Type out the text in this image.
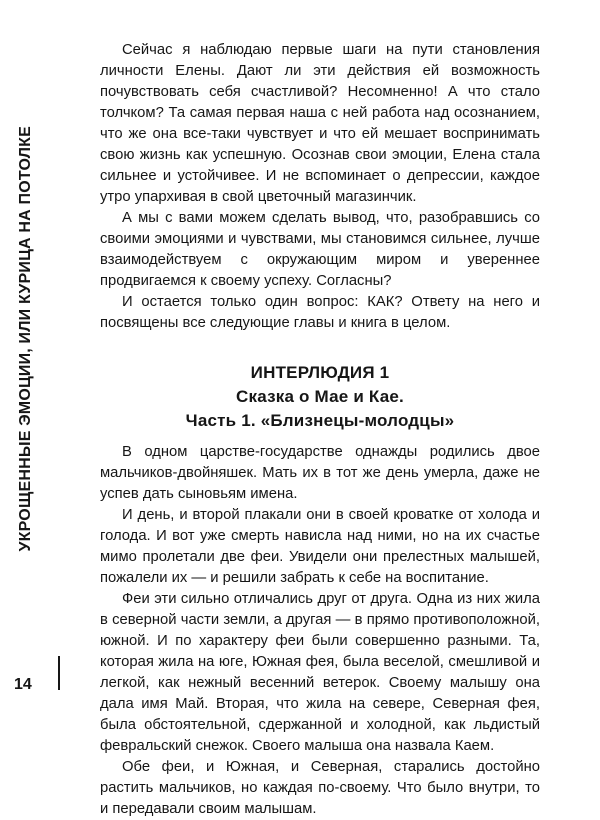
УКРОЩЕННЫЕ ЭМОЦИИ, ИЛИ КУРИЦА НА ПОТОЛКЕ
14

Сейчас я наблюдаю первые шаги на пути становления личности Елены. Дают ли эти действия ей возможность почувствовать себя счастливой? Несомненно! А что стало толчком? Та самая первая наша с ней работа над осознанием, что же она все-таки чувствует и что ей мешает воспринимать свою жизнь как успешную. Осознав свои эмоции, Елена стала сильнее и устойчивее. И не вспоминает о депрессии, каждое утро упархивая в свой цветочный магазинчик.

А мы с вами можем сделать вывод, что, разобравшись со своими эмоциями и чувствами, мы становимся сильнее, лучше взаимодействуем с окружающим миром и увереннее продвигаемся к своему успеху. Согласны?

И остается только один вопрос: КАК? Ответу на него и посвящены все следующие главы и книга в целом.

ИНТЕРЛЮДИЯ 1
Сказка о Мае и Кае.
Часть 1. «Близнецы-молодцы»

В одном царстве-государстве однажды родились двое мальчиков-двойняшек. Мать их в тот же день умерла, даже не успев дать сыновьям имена.

И день, и второй плакали они в своей кроватке от холода и голода. И вот уже смерть нависла над ними, но на их счастье мимо пролетали две феи. Увидели они прелестных малышей, пожалели их — и решили забрать к себе на воспитание.

Феи эти сильно отличались друг от друга. Одна из них жила в северной части земли, а другая — в прямо противоположной, южной. И по характеру феи были совершенно разными. Та, которая жила на юге, Южная фея, была веселой, смешливой и легкой, как нежный весенний ветерок. Своему малышу она дала имя Май. Вторая, что жила на севере, Северная фея, была обстоятельной, сдержанной и холодной, как льдистый февральский снежок. Своего малыша она назвала Каем.

Обе феи, и Южная, и Северная, старались достойно растить мальчиков, но каждая по-своему. Что было внутри, то и передавали своим малышам.
